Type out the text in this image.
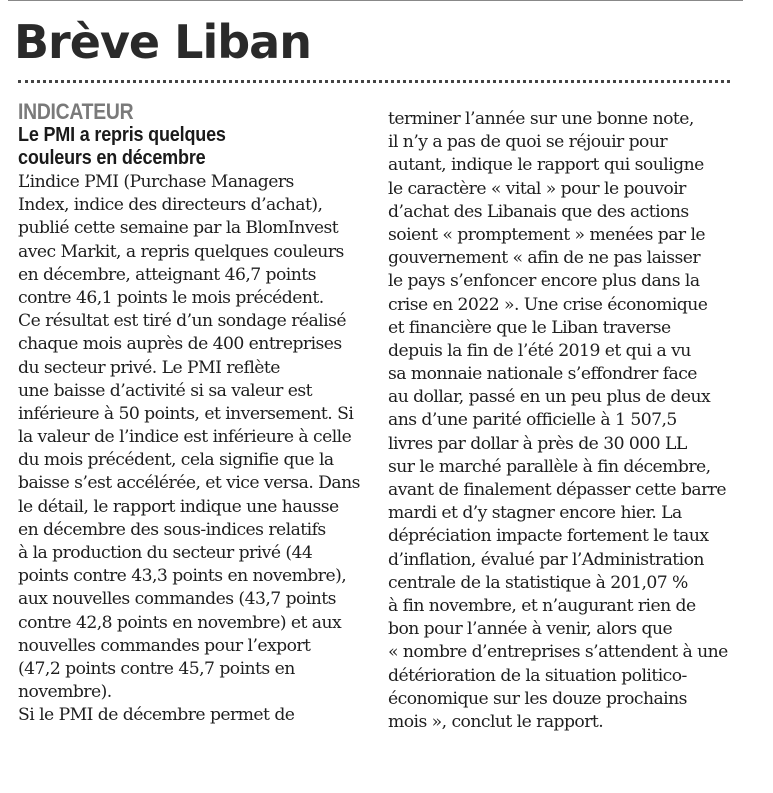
Brève Liban
INDICATEUR
Le PMI a repris quelques
couleurs en décembre
L’indice PMI (Purchase Managers
Index, indice des directeurs d’achat),
publié cette semaine par la BlomInvest
avec Markit, a repris quelques couleurs
en décembre, atteignant 46,7 points
contre 46,1 points le mois précédent.
Ce résultat est tiré d’un sondage réalisé
chaque mois auprès de 400 entreprises
du secteur privé. Le PMI reflète
une baisse d’activité si sa valeur est
inférieure à 50 points, et inversement. Si
la valeur de l’indice est inférieure à celle
du mois précédent, cela signifie que la
baisse s’est accélérée, et vice versa. Dans
le détail, le rapport indique une hausse
en décembre des sous-indices relatifs
à la production du secteur privé (44
points contre 43,3 points en novembre),
aux nouvelles commandes (43,7 points
contre 42,8 points en novembre) et aux
nouvelles commandes pour l’export
(47,2 points contre 45,7 points en
novembre).
Si le PMI de décembre permet de
terminer l’année sur une bonne note,
il n’y a pas de quoi se réjouir pour
autant, indique le rapport qui souligne
le caractère « vital » pour le pouvoir
d’achat des Libanais que des actions
soient « promptement » menées par le
gouvernement « afin de ne pas laisser
le pays s’enfoncer encore plus dans la
crise en 2022 ». Une crise économique
et financière que le Liban traverse
depuis la fin de l’été 2019 et qui a vu
sa monnaie nationale s’effondrer face
au dollar, passé en un peu plus de deux
ans d’une parité officielle à 1 507,5
livres par dollar à près de 30 000 LL
sur le marché parallèle à fin décembre,
avant de finalement dépasser cette barre
mardi et d’y stagner encore hier. La
dépréciation impacte fortement le taux
d’inflation, évalué par l’Administration
centrale de la statistique à 201,07 %
à fin novembre, et n’augurant rien de
bon pour l’année à venir, alors que
« nombre d’entreprises s’attendent à une
détérioration de la situation politico-
économique sur les douze prochains
mois », conclut le rapport.
